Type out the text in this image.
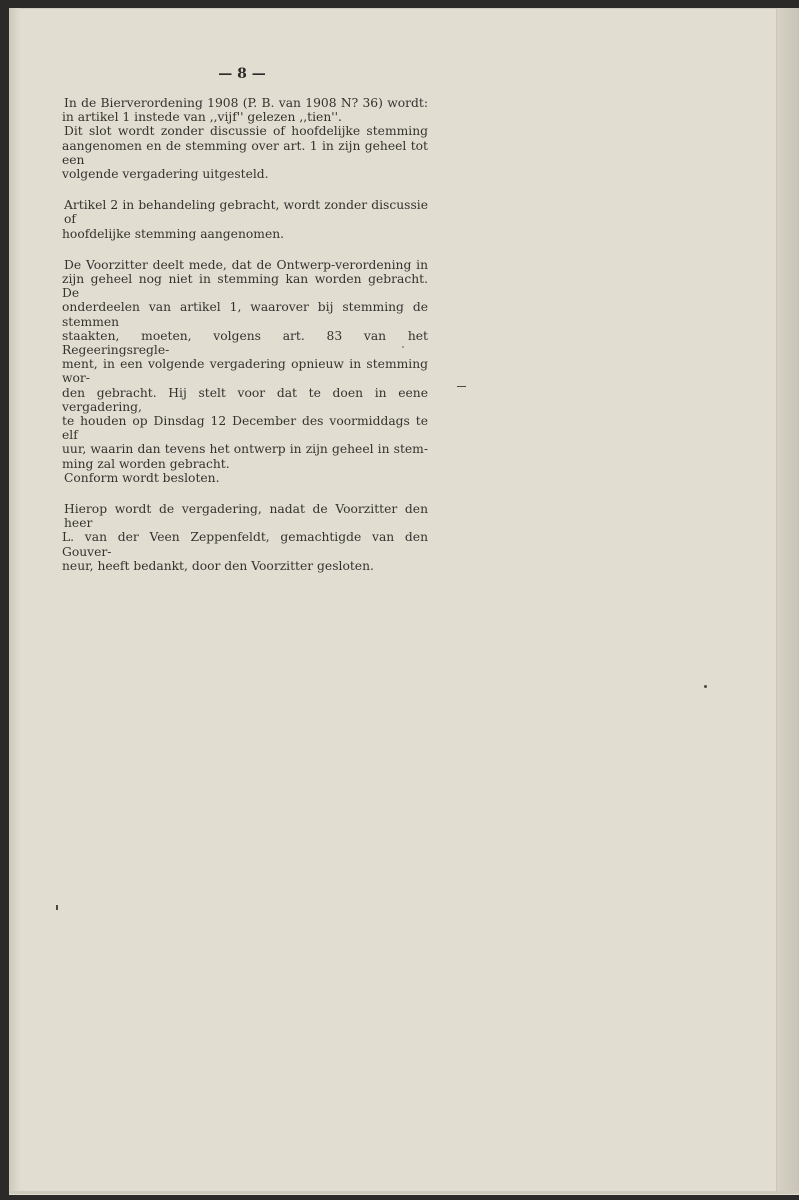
— 8 —

In de Bierverordening 1908 (P. B. van 1908 N? 36) wordt:
in artikel 1 instede van ,,vijf'' gelezen ,,tien''.
Dit slot wordt zonder discussie of hoofdelijke stemming
aangenomen en de stemming over art. 1 in zijn geheel tot een
volgende vergadering uitgesteld.

Artikel 2 in behandeling gebracht, wordt zonder discussie of
hoofdelijke stemming aangenomen.

De Voorzitter deelt mede, dat de Ontwerp-verordening in
zijn geheel nog niet in stemming kan worden gebracht. De
onderdeelen van artikel 1, waarover bij stemming de stemmen
staakten, moeten, volgens art. 83 van het Regeeringsregle-
ment, in een volgende vergadering opnieuw in stemming wor-
den gebracht. Hij stelt voor dat te doen in eene vergadering,
te houden op Dinsdag 12 December des voormiddags te elf
uur, waarin dan tevens het ontwerp in zijn geheel in stem-
ming zal worden gebracht.
Conform wordt besloten.

Hierop wordt de vergadering, nadat de Voorzitter den heer
L. van der Veen Zeppenfeldt, gemachtigde van den Gouver-
neur, heeft bedankt, door den Voorzitter gesloten.
